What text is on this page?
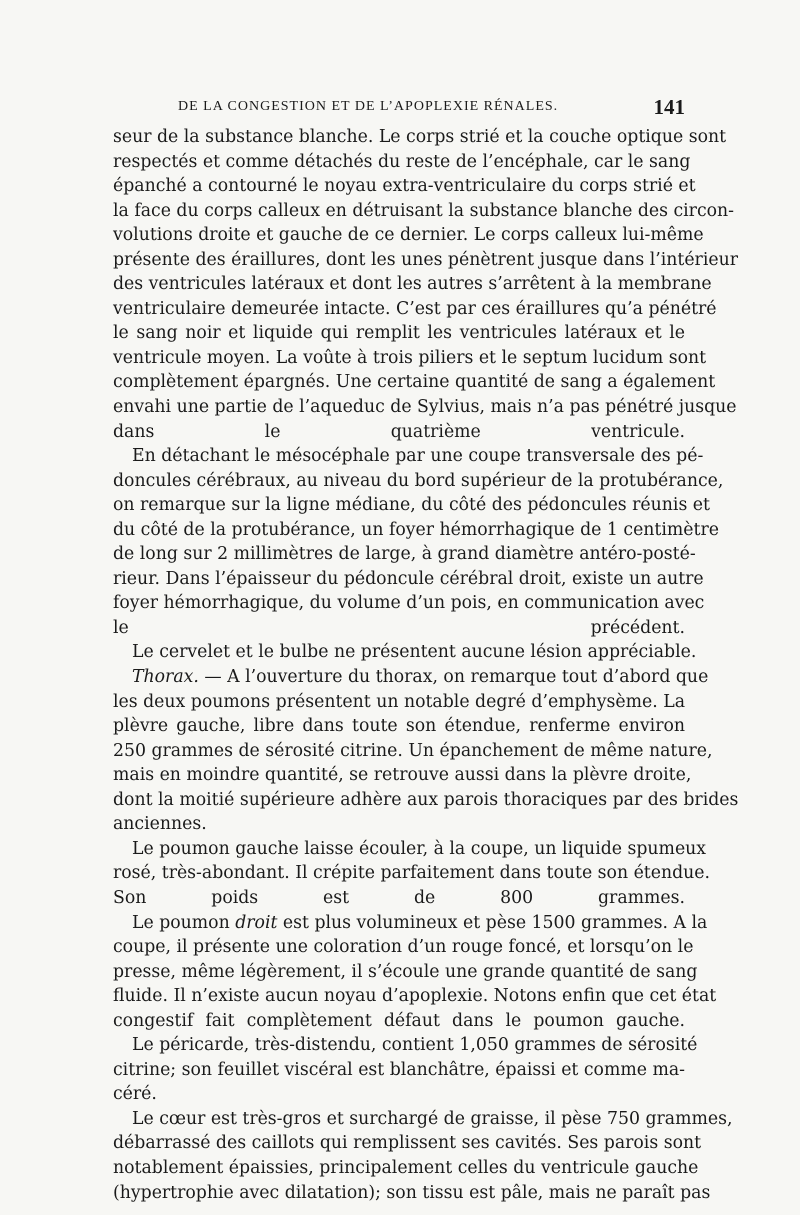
DE LA CONGESTION ET DE L’APOPLEXIE RÉNALES.	141

seur de la substance blanche. Le corps strié et la couche optique sont
respectés et comme détachés du reste de l’encéphale, car le sang
épanché a contourné le noyau extra-ventriculaire du corps strié et
la face du corps calleux en détruisant la substance blanche des circon-
volutions droite et gauche de ce dernier. Le corps calleux lui-même
présente des éraillures, dont les unes pénètrent jusque dans l’intérieur
des ventricules latéraux et dont les autres s’arrêtent à la membrane
ventriculaire demeurée intacte. C’est par ces éraillures qu’a pénétré
le sang noir et liquide qui remplit les ventricules latéraux et le
ventricule moyen. La voûte à trois piliers et le septum lucidum sont
complètement épargnés. Une certaine quantité de sang a également
envahi une partie de l’aqueduc de Sylvius, mais n’a pas pénétré jusque
dans le quatrième ventricule.

En détachant le mésocéphale par une coupe transversale des pé-
doncules cérébraux, au niveau du bord supérieur de la protubérance,
on remarque sur la ligne médiane, du côté des pédoncules réunis et
du côté de la protubérance, un foyer hémorrhagique de 1 centimètre
de long sur 2 millimètres de large, à grand diamètre antéro-posté-
rieur. Dans l’épaisseur du pédoncule cérébral droit, existe un autre
foyer hémorrhagique, du volume d’un pois, en communication avec
le précédent.

Le cervelet et le bulbe ne présentent aucune lésion appréciable.

Thorax. — A l’ouverture du thorax, on remarque tout d’abord que
les deux poumons présentent un notable degré d’emphysème. La
plèvre gauche, libre dans toute son étendue, renferme environ
250 grammes de sérosité citrine. Un épanchement de même nature,
mais en moindre quantité, se retrouve aussi dans la plèvre droite,
dont la moitié supérieure adhère aux parois thoraciques par des brides
anciennes.

Le poumon gauche laisse écouler, à la coupe, un liquide spumeux
rosé, très-abondant. Il crépite parfaitement dans toute son étendue.
Son poids est de 800 grammes.

Le poumon droit est plus volumineux et pèse 1500 grammes. A la
coupe, il présente une coloration d’un rouge foncé, et lorsqu’on le
presse, même légèrement, il s’écoule une grande quantité de sang
fluide. Il n’existe aucun noyau d’apoplexie. Notons enfin que cet état
congestif fait complètement défaut dans le poumon gauche.

Le péricarde, très-distendu, contient 1,050 grammes de sérosité
citrine; son feuillet viscéral est blanchâtre, épaissi et comme ma-
céré.

Le cœur est très-gros et surchargé de graisse, il pèse 750 grammes,
débarrassé des caillots qui remplissent ses cavités. Ses parois sont
notablement épaissies, principalement celles du ventricule gauche
(hypertrophie avec dilatation); son tissu est pâle, mais ne paraît pas
